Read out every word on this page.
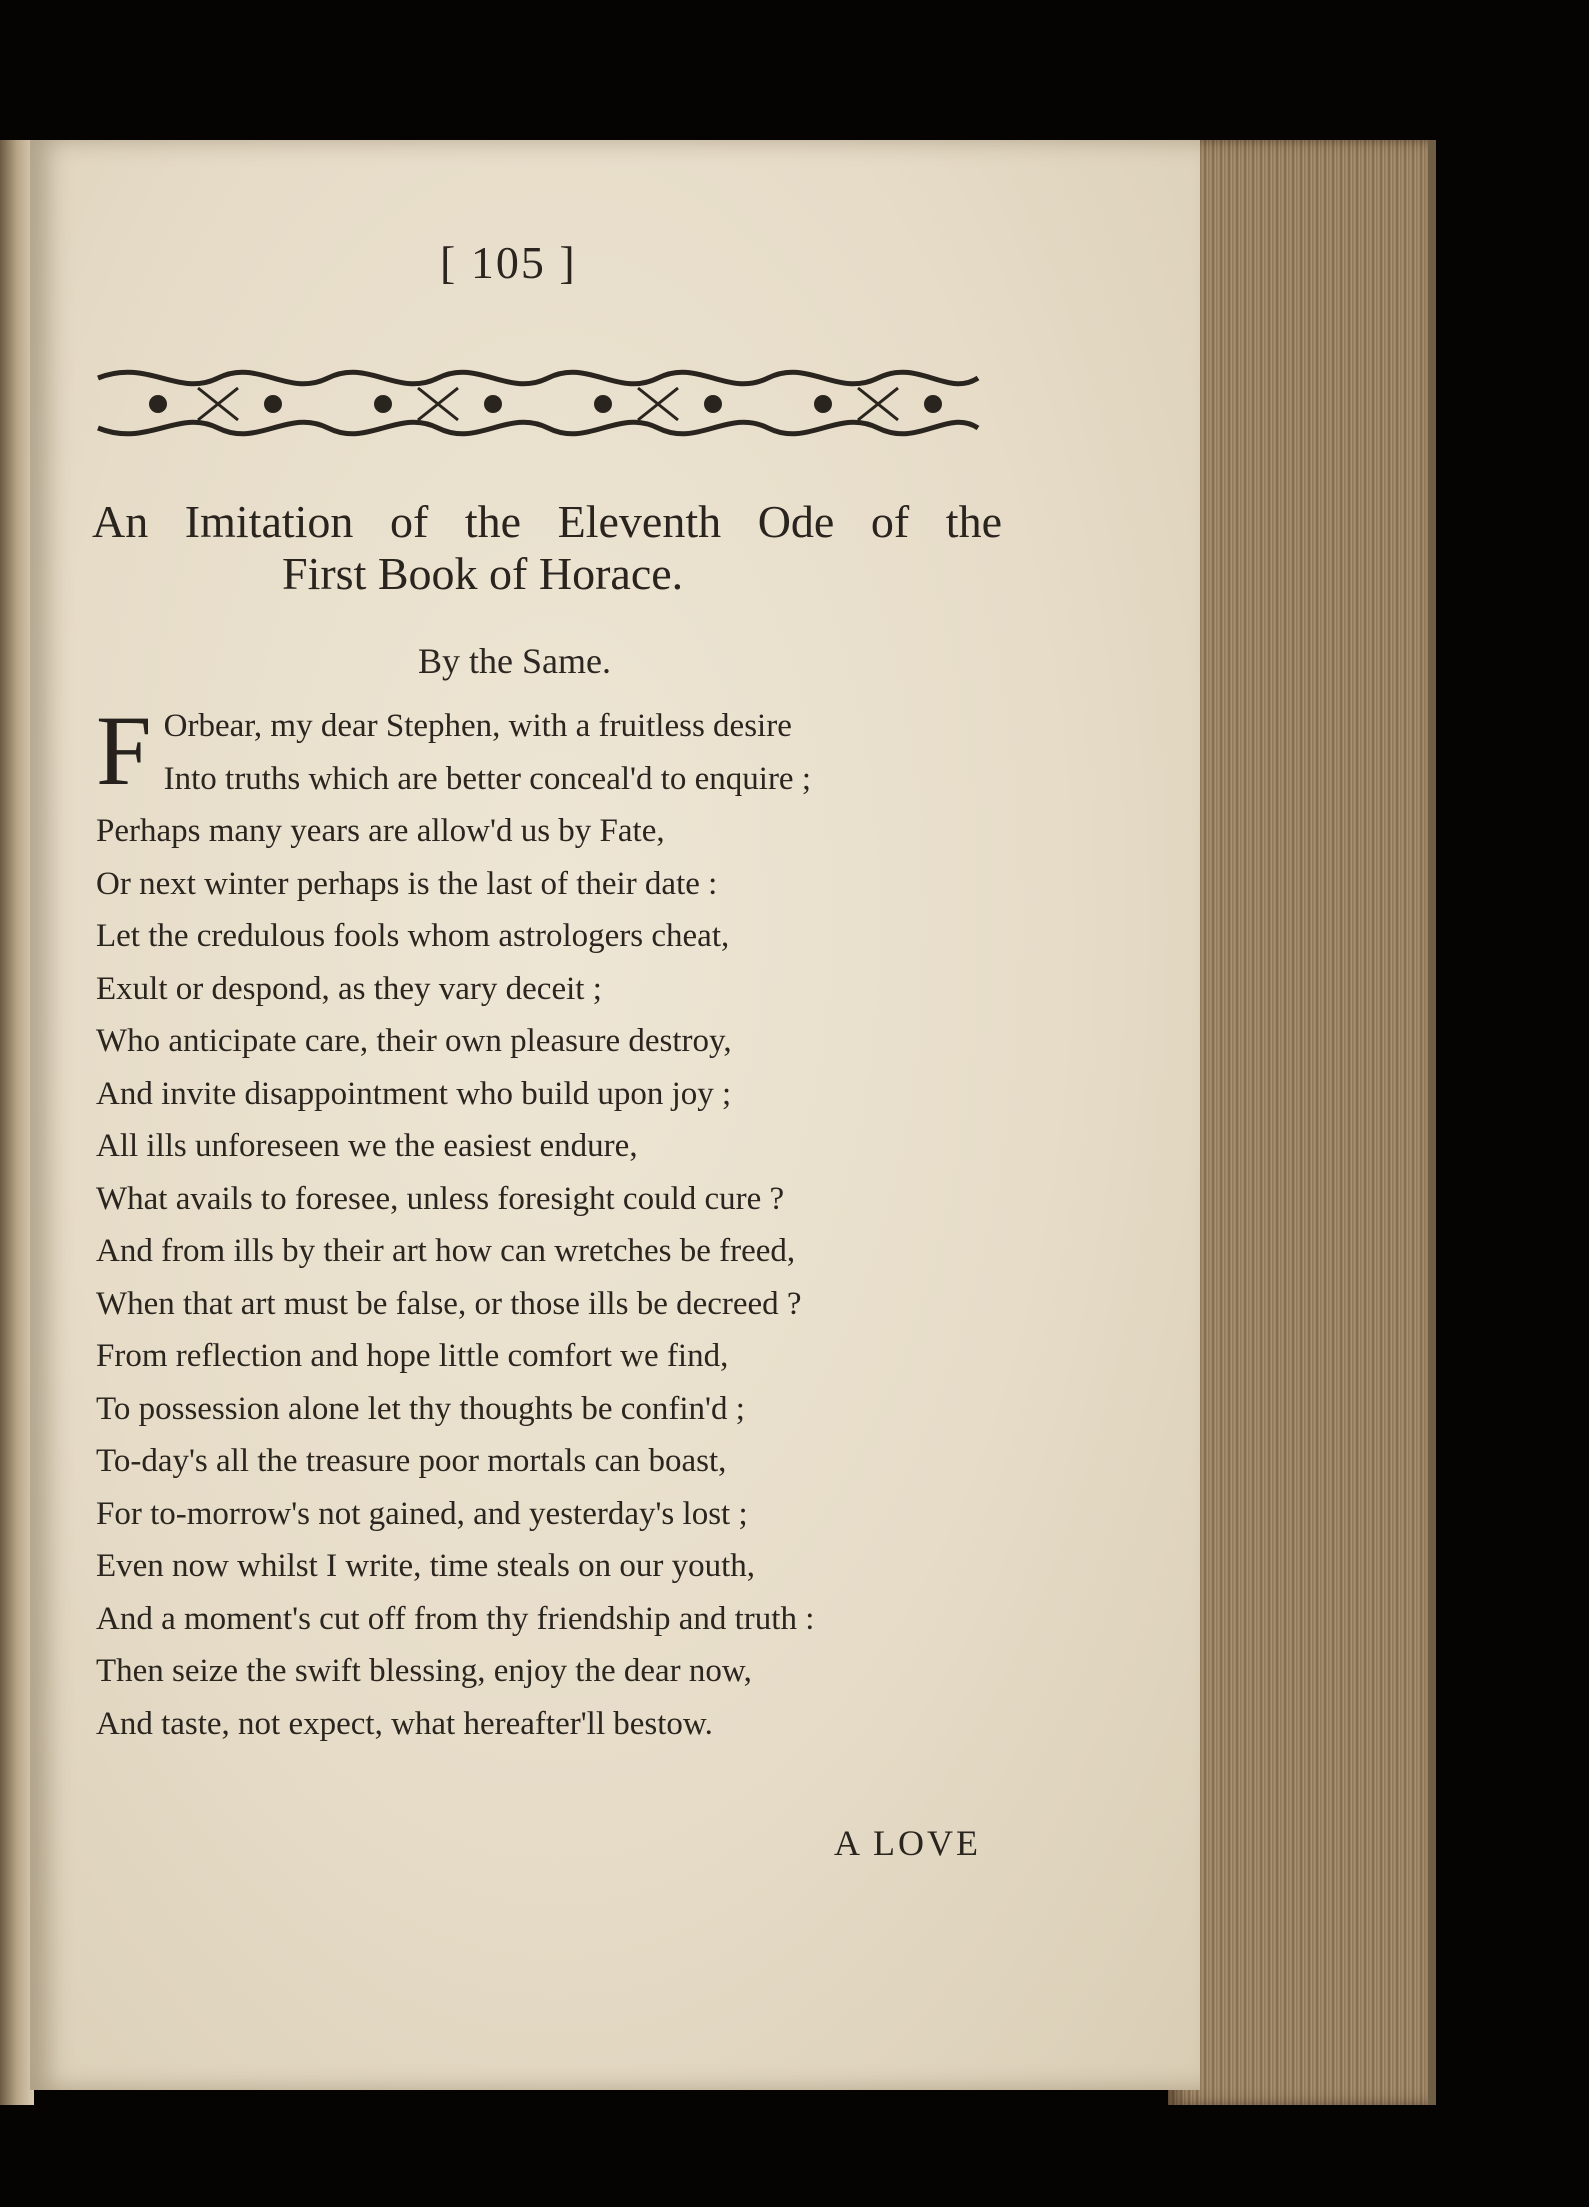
[ 105 ]
An Imitation of the Eleventh Ode of the
First Book of Horace.
By the Same.
F Orbear, my dear Stephen, with a fruitless desire
Into truths which are better conceal'd to enquire ;
Perhaps many years are allow'd us by Fate,
Or next winter perhaps is the last of their date :
Let the credulous fools whom astrologers cheat,
Exult or despond, as they vary deceit ;
Who anticipate care, their own pleasure destroy,
And invite disappointment who build upon joy ;
All ills unforeseen we the easiest endure,
What avails to foresee, unless foresight could cure ?
And from ills by their art how can wretches be freed,
When that art must be false, or those ills be decreed ?
From reflection and hope little comfort we find,
To possession alone let thy thoughts be confin'd ;
To-day's all the treasure poor mortals can boast,
For to-morrow's not gained, and yesterday's lost ;
Even now whilst I write, time steals on our youth,
And a moment's cut off from thy friendship and truth :
Then seize the swift blessing, enjoy the dear now,
And taste, not expect, what hereafter'll bestow.
A LOVE
